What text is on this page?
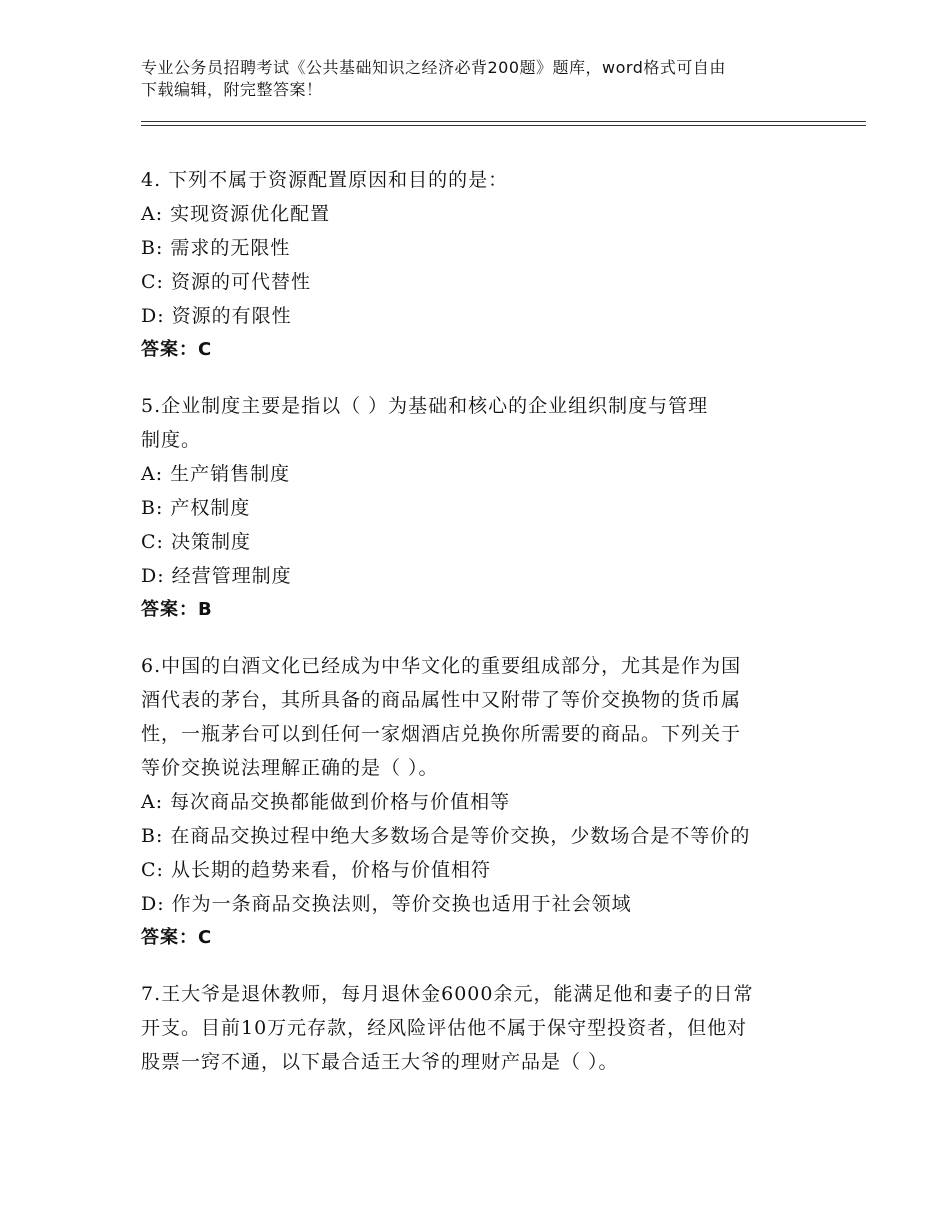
专业公务员招聘考试《公共基础知识之经济必背200题》题库，word格式可自由
下载编辑，附完整答案！
4. 下列不属于资源配置原因和目的的是：
A: 实现资源优化配置
B: 需求的无限性
C: 资源的可代替性
D: 资源的有限性
答案：C
5.企业制度主要是指以（ ）为基础和核心的企业组织制度与管理
制度。
A: 生产销售制度
B: 产权制度
C: 决策制度
D: 经营管理制度
答案：B
6.中国的白酒文化已经成为中华文化的重要组成部分，尤其是作为国
酒代表的茅台，其所具备的商品属性中又附带了等价交换物的货币属
性，一瓶茅台可以到任何一家烟酒店兑换你所需要的商品。下列关于
等价交换说法理解正确的是（ ）。
A: 每次商品交换都能做到价格与价值相等
B: 在商品交换过程中绝大多数场合是等价交换，少数场合是不等价的
C: 从长期的趋势来看，价格与价值相符
D: 作为一条商品交换法则，等价交换也适用于社会领域
答案：C
7.王大爷是退休教师，每月退休金6000余元，能满足他和妻子的日常
开支。目前10万元存款，经风险评估他不属于保守型投资者，但他对
股票一窍不通，以下最合适王大爷的理财产品是（ ）。
